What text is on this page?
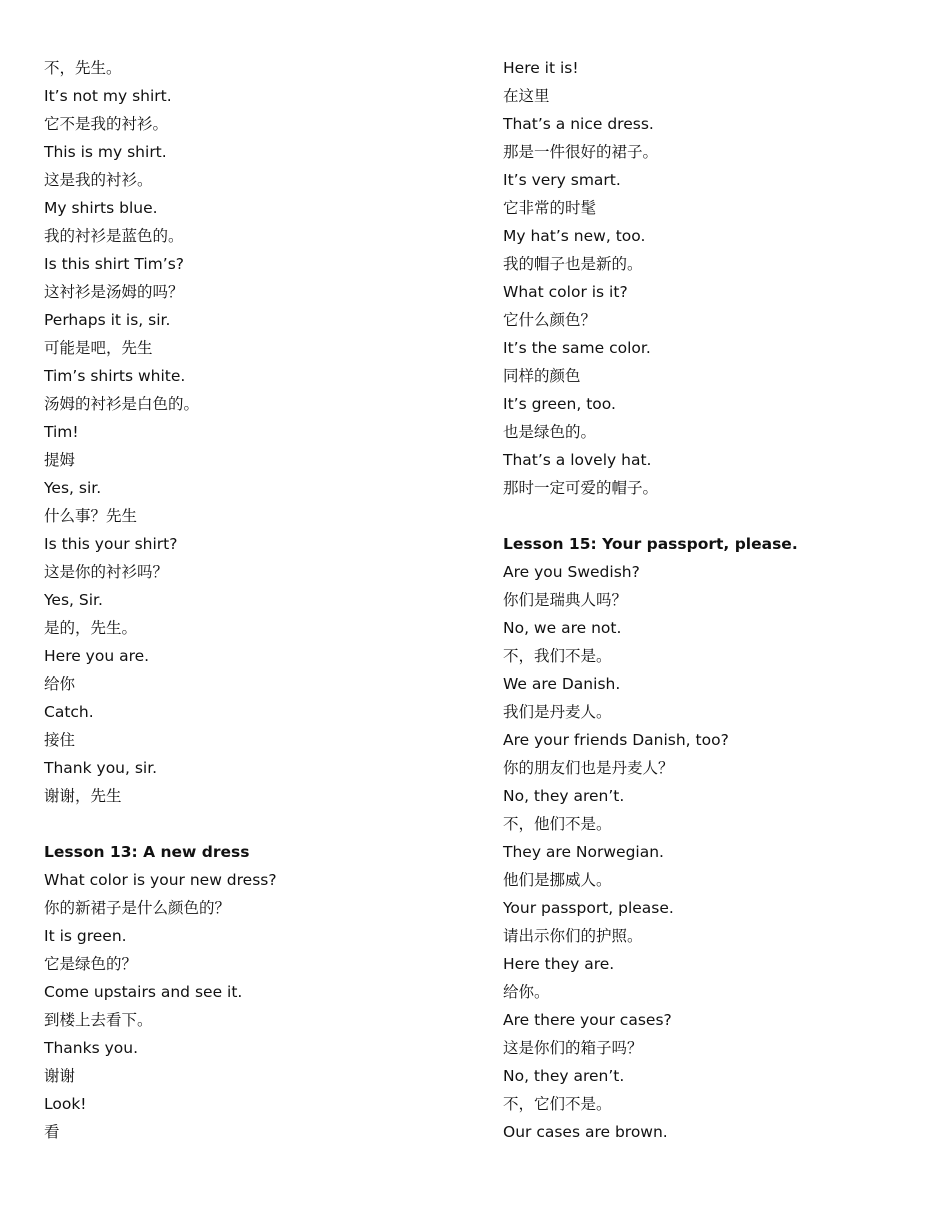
不，先生。
It’s not my shirt.
它不是我的衬衫。
This is my shirt.
这是我的衬衫。
My shirts blue.
我的衬衫是蓝色的。
Is this shirt Tim’s?
这衬衫是汤姆的吗？
Perhaps it is, sir.
可能是吧，先生
Tim’s shirts white.
汤姆的衬衫是白色的。
Tim!
提姆
Yes, sir.
什么事？先生
Is this your shirt?
这是你的衬衫吗？
Yes, Sir.
是的，先生。
Here you are.
给你
Catch.
接住
Thank you, sir.
谢谢，先生
Lesson 13: A new dress
What color is your new dress?
你的新裙子是什么颜色的？
It is green.
它是绿色的？
Come upstairs and see it.
到楼上去看下。
Thanks you.
谢谢
Look!
看
Here it is!
在这里
That’s a nice dress.
那是一件很好的裙子。
It’s very smart.
它非常的时髦
My hat’s new, too.
我的帽子也是新的。
What color is it?
它什么颜色？
It’s the same color.
同样的颜色
It’s green, too.
也是绿色的。
That’s a lovely hat.
那时一定可爱的帽子。
Lesson 15: Your passport, please.
Are you Swedish?
你们是瑞典人吗？
No, we are not.
不，我们不是。
We are Danish.
我们是丹麦人。
Are your friends Danish, too?
你的朋友们也是丹麦人？
No, they aren’t.
不，他们不是。
They are Norwegian.
他们是挪威人。
Your passport, please.
请出示你们的护照。
Here they are.
给你。
Are there your cases?
这是你们的箱子吗？
No, they aren’t.
不，它们不是。
Our cases are brown.
